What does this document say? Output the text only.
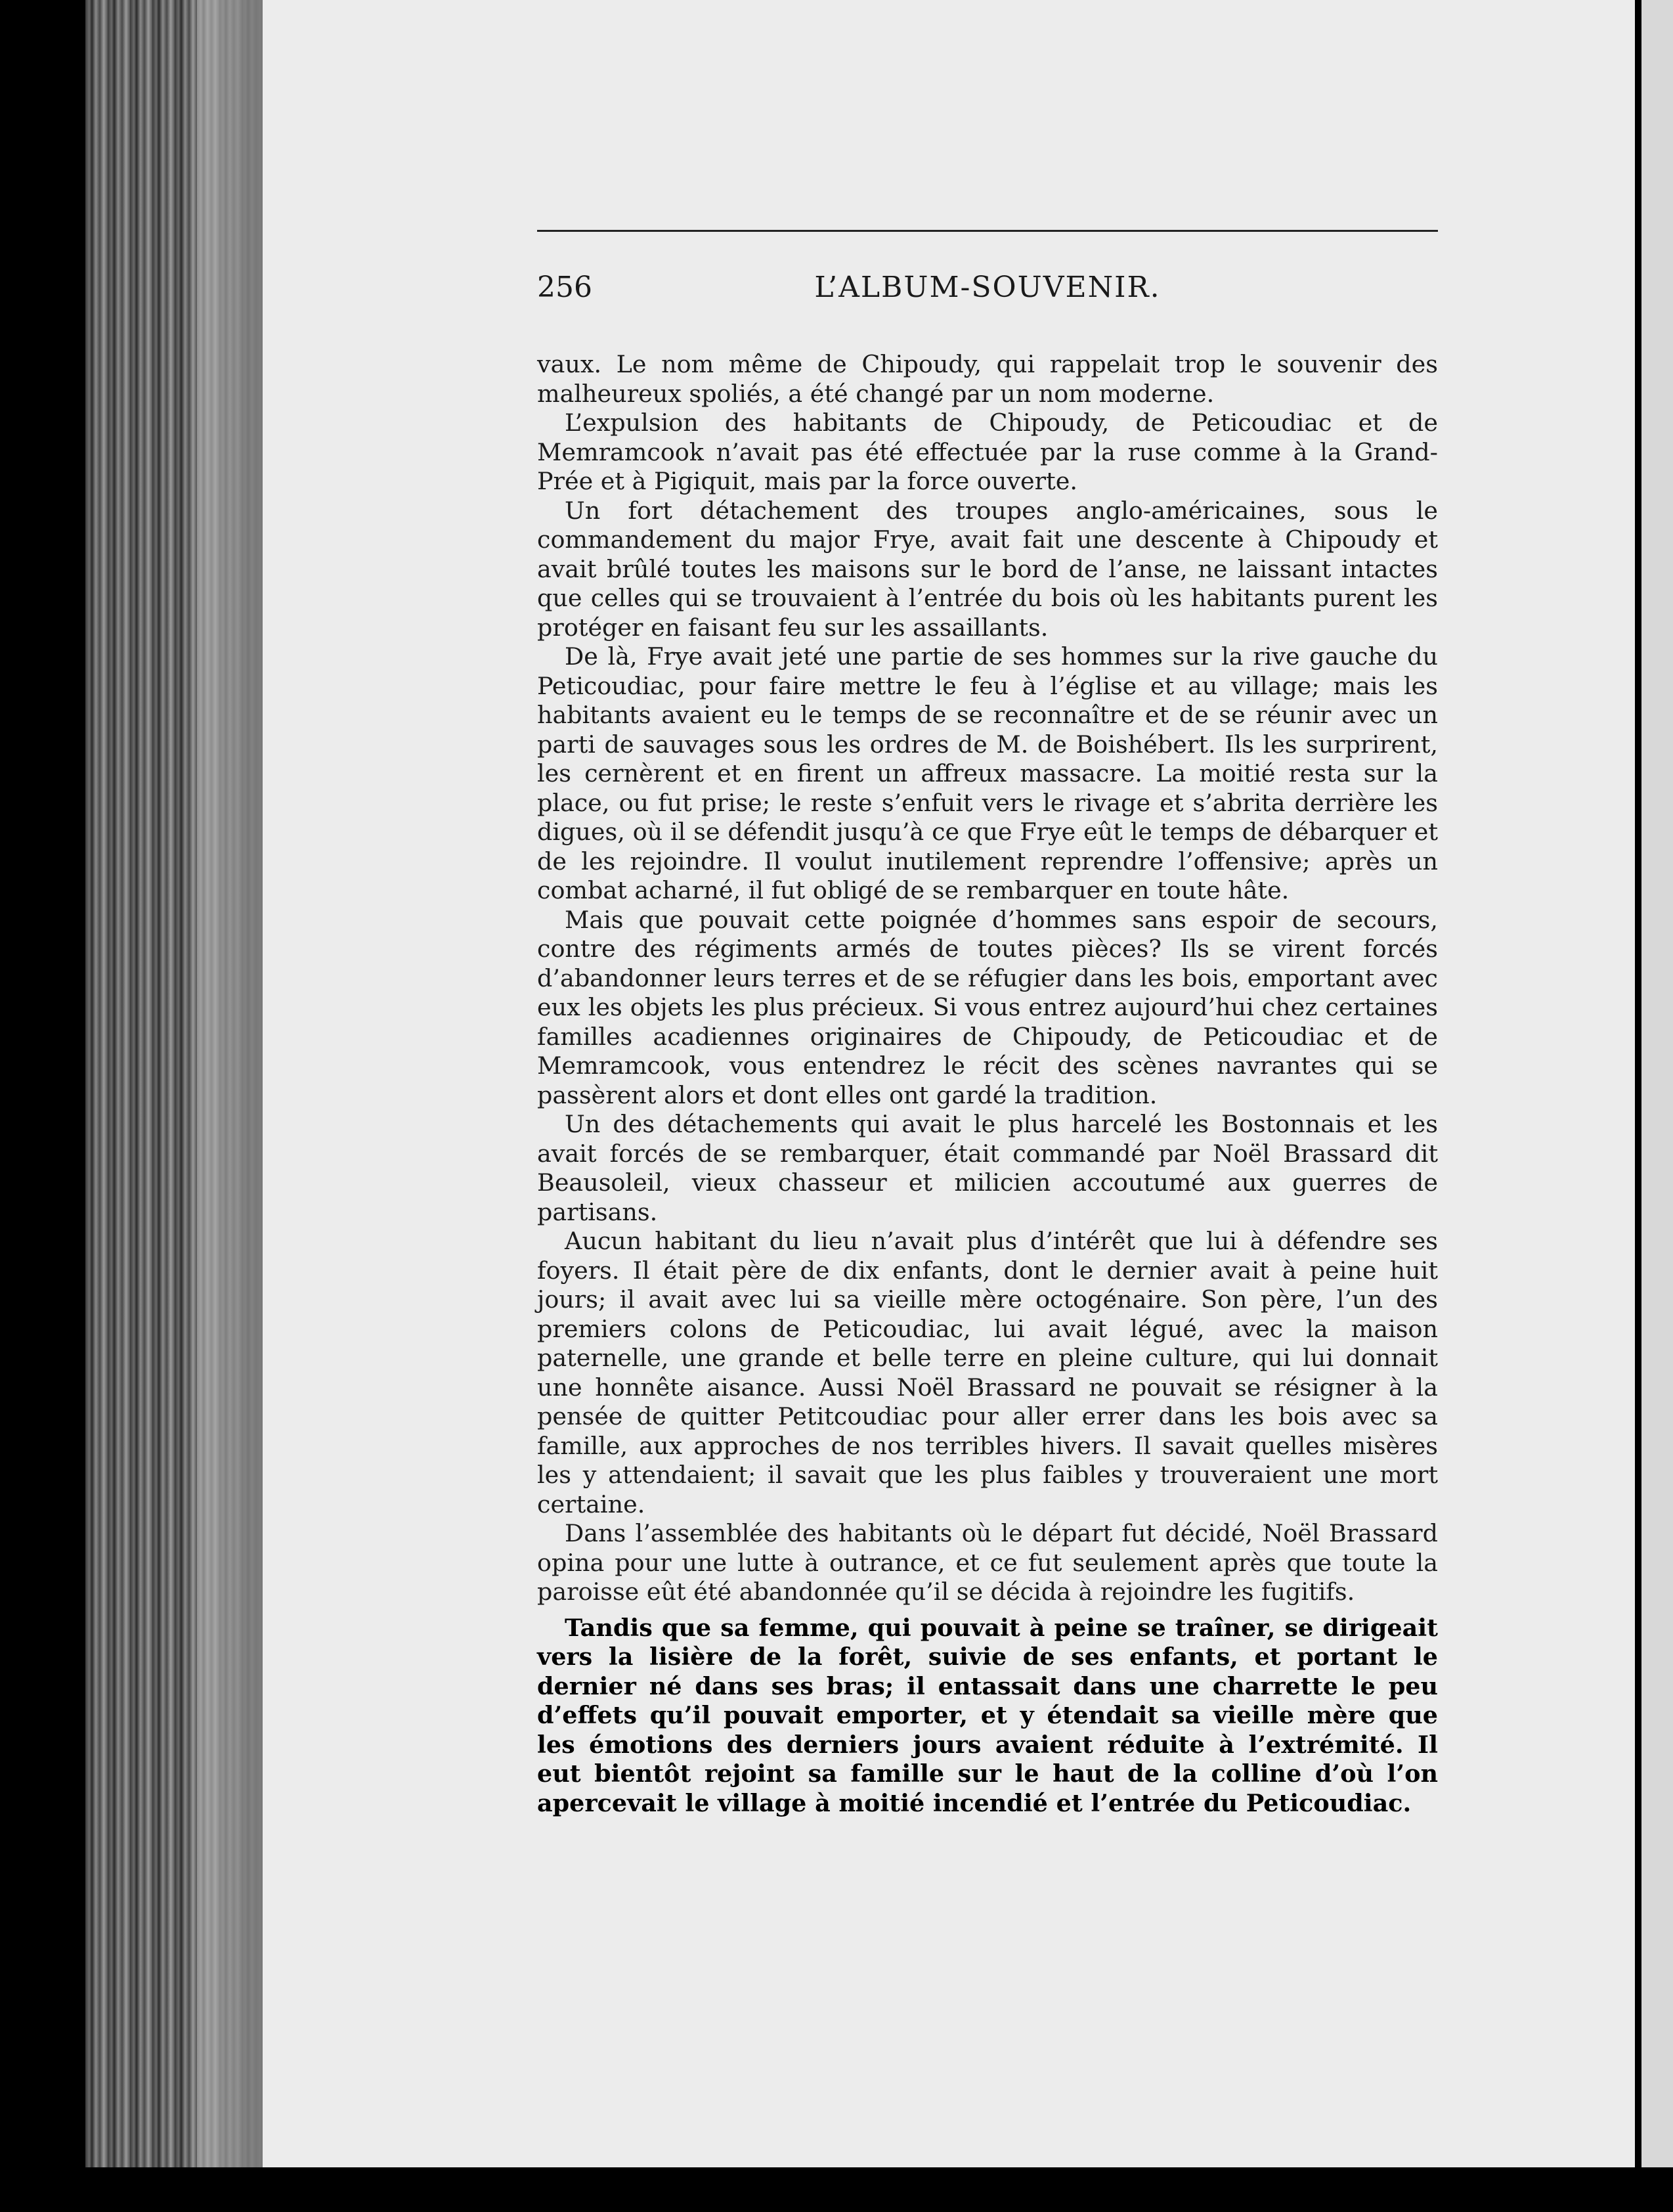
256	L’ALBUM-SOUVENIR.

vaux. Le nom même de Chipoudy, qui rappelait trop le souvenir des malheureux spoliés, a été changé par un nom moderne.

L’expulsion des habitants de Chipoudy, de Peticoudiac et de Memramcook n’avait pas été effectuée par la ruse comme à la Grand-Prée et à Pigiquit, mais par la force ouverte.

Un fort détachement des troupes anglo-américaines, sous le commandement du major Frye, avait fait une descente à Chipoudy et avait brûlé toutes les maisons sur le bord de l’anse, ne laissant intactes que celles qui se trouvaient à l’entrée du bois où les habitants purent les protéger en faisant feu sur les assaillants.

De là, Frye avait jeté une partie de ses hommes sur la rive gauche du Peticoudiac, pour faire mettre le feu à l’église et au village; mais les habitants avaient eu le temps de se reconnaître et de se réunir avec un parti de sauvages sous les ordres de M. de Boishébert. Ils les surprirent, les cernèrent et en firent un affreux massacre. La moitié resta sur la place, ou fut prise; le reste s’enfuit vers le rivage et s’abrita derrière les digues, où il se défendit jusqu’à ce que Frye eût le temps de débarquer et de les rejoindre. Il voulut inutilement reprendre l’offensive; après un combat acharné, il fut obligé de se rembarquer en toute hâte.

Mais que pouvait cette poignée d’hommes sans espoir de secours, contre des régiments armés de toutes pièces? Ils se virent forcés d’abandonner leurs terres et de se réfugier dans les bois, emportant avec eux les objets les plus précieux. Si vous entrez aujourd’hui chez certaines familles acadiennes originaires de Chipoudy, de Peticoudiac et de Memramcook, vous entendrez le récit des scènes navrantes qui se passèrent alors et dont elles ont gardé la tradition.

Un des détachements qui avait le plus harcelé les Bostonnais et les avait forcés de se rembarquer, était commandé par Noël Brassard dit Beausoleil, vieux chasseur et milicien accoutumé aux guerres de partisans.

Aucun habitant du lieu n’avait plus d’intérêt que lui à défendre ses foyers. Il était père de dix enfants, dont le dernier avait à peine huit jours; il avait avec lui sa vieille mère octogénaire. Son père, l’un des premiers colons de Peticoudiac, lui avait légué, avec la maison paternelle, une grande et belle terre en pleine culture, qui lui donnait une honnête aisance. Aussi Noël Brassard ne pouvait se résigner à la pensée de quitter Petitcoudiac pour aller errer dans les bois avec sa famille, aux approches de nos terribles hivers. Il savait quelles misères les y attendaient; il savait que les plus faibles y trouveraient une mort certaine.

Dans l’assemblée des habitants où le départ fut décidé, Noël Brassard opina pour une lutte à outrance, et ce fut seulement après que toute la paroisse eût été abandonnée qu’il se décida à rejoindre les fugitifs.

Tandis que sa femme, qui pouvait à peine se traîner, se dirigeait vers la lisière de la forêt, suivie de ses enfants, et portant le dernier né dans ses bras; il entassait dans une charrette le peu d’effets qu’il pouvait emporter, et y étendait sa vieille mère que les émotions des derniers jours avaient réduite à l’extrémité. Il eut bientôt rejoint sa famille sur le haut de la colline d’où l’on apercevait le village à moitié incendié et l’entrée du Peticoudiac.
